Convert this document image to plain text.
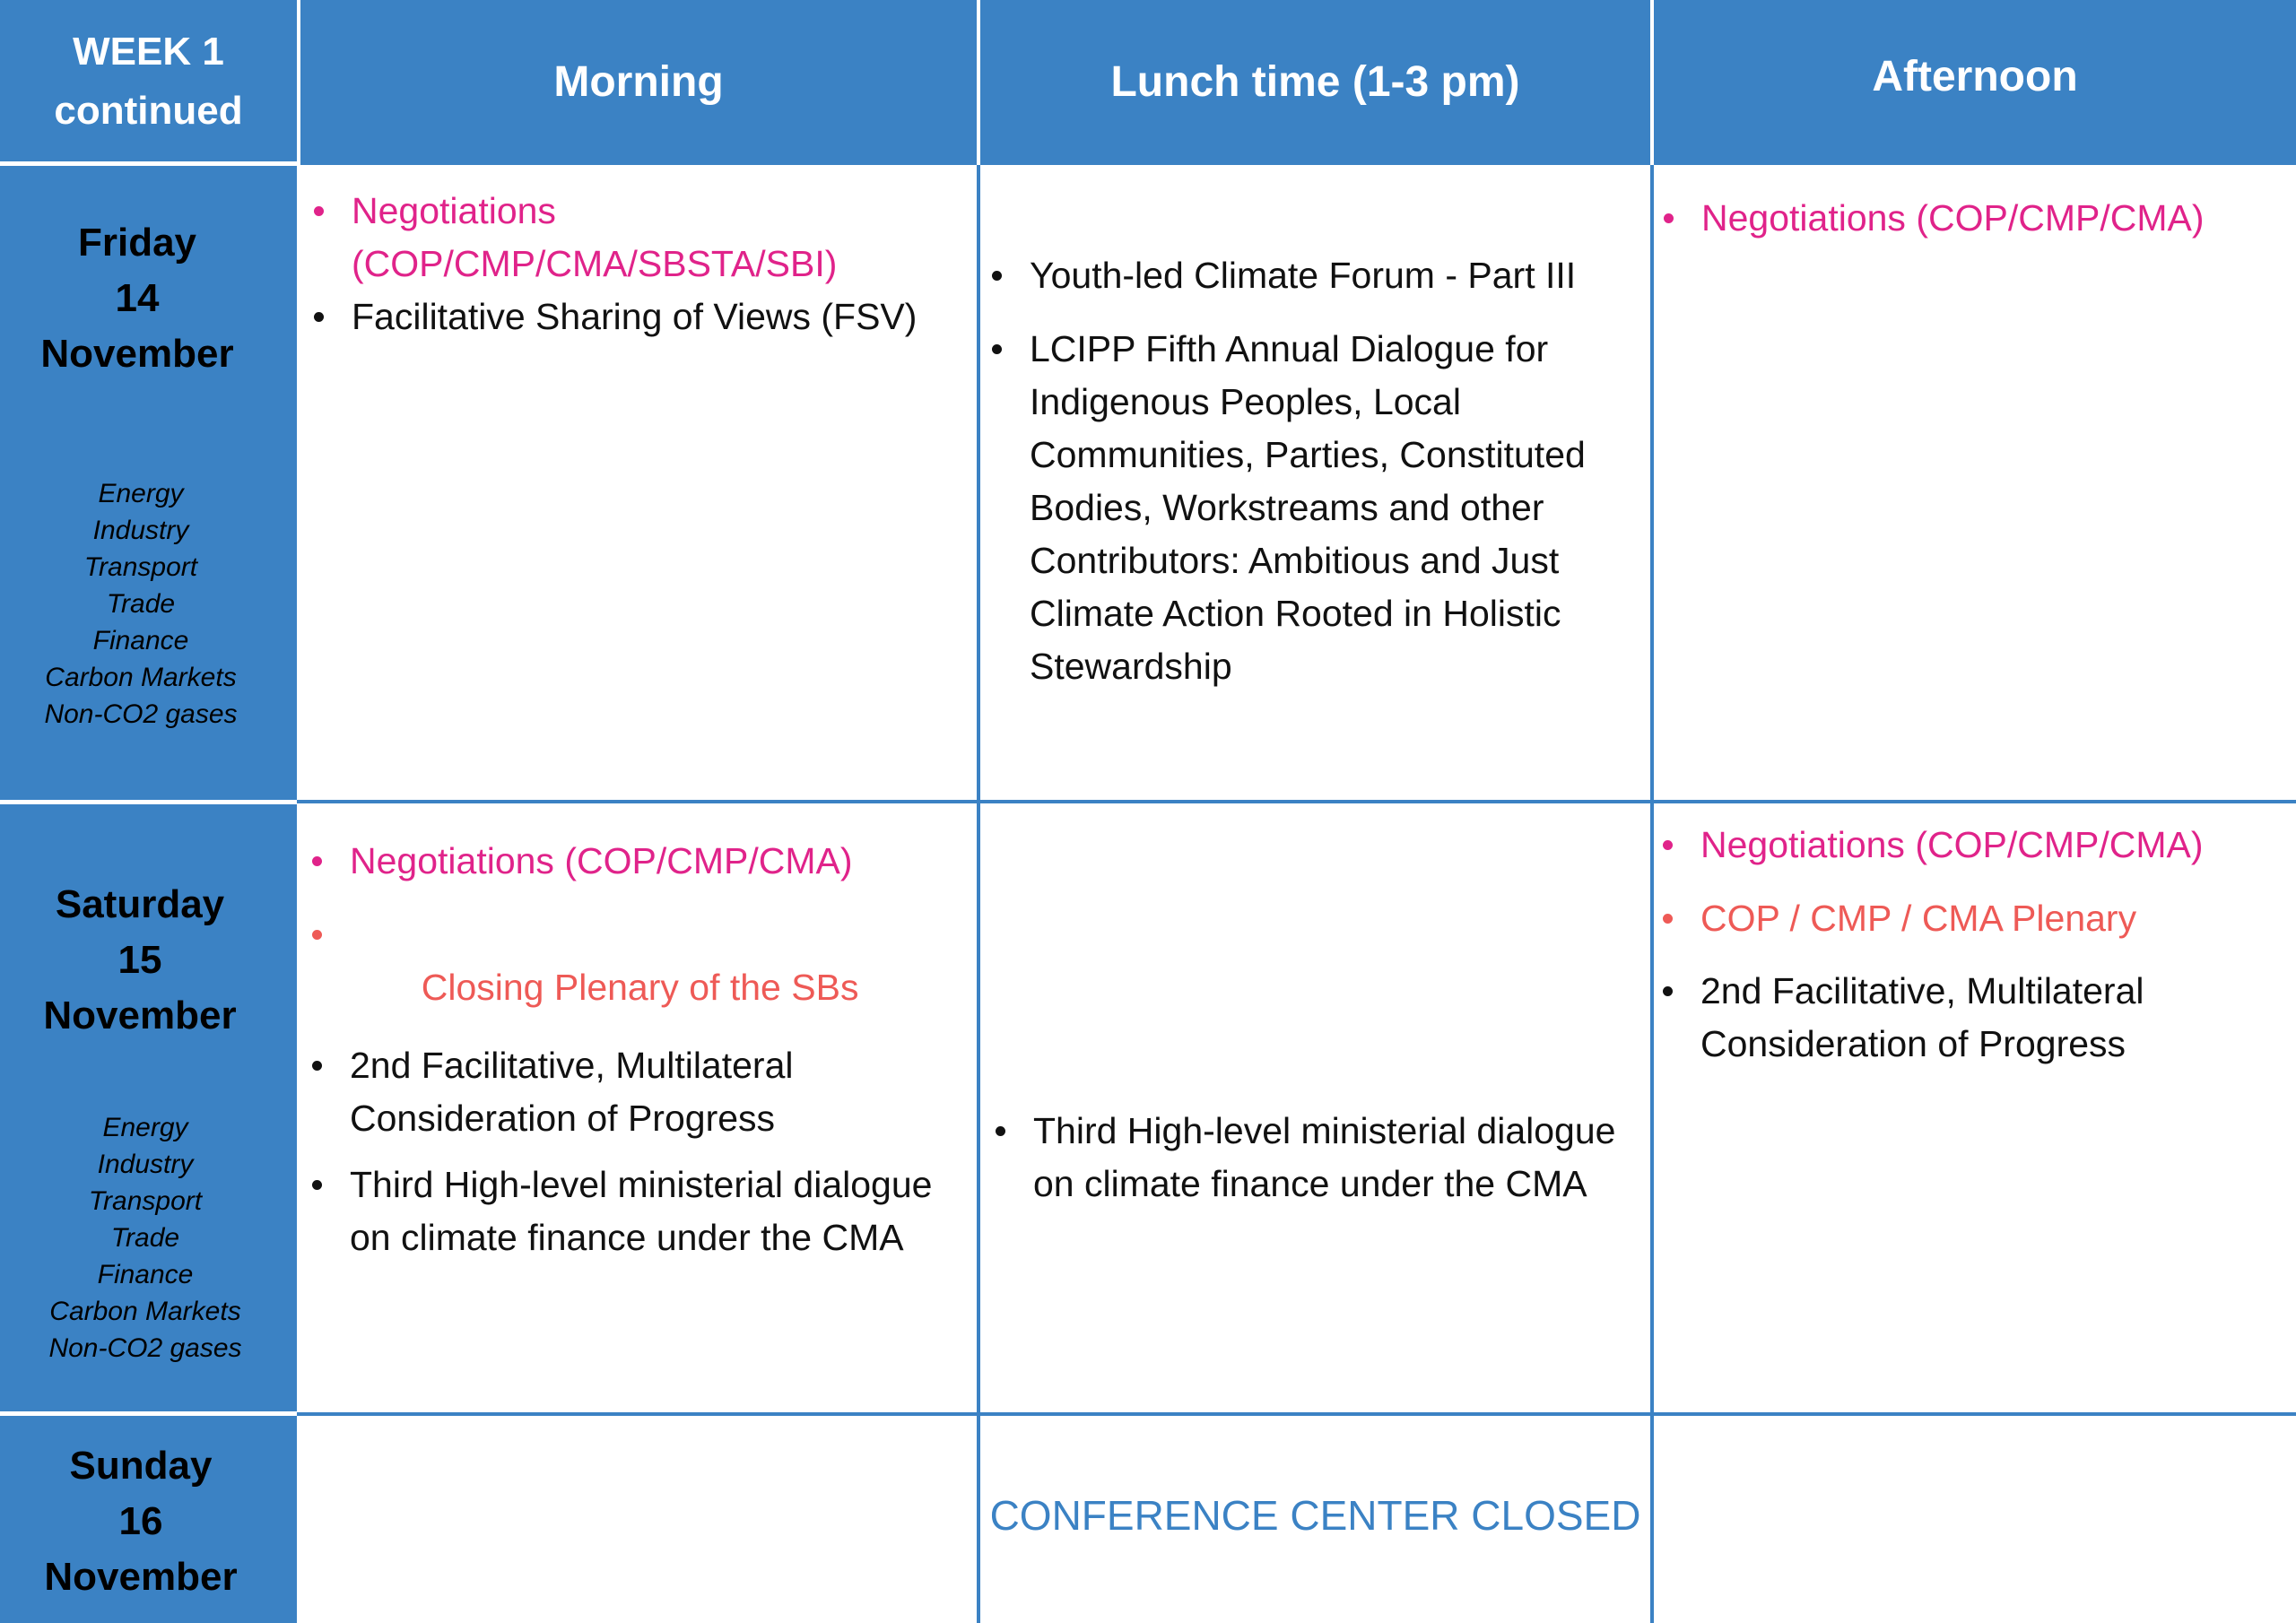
WEEK 1
continued
Morning	Lunch time (1-3 pm)	Afternoon
Friday
14
November
Energy
Industry
Transport
Trade
Finance
Carbon Markets
Non-CO2 gases
Negotiations (COP/CMP/CMA/SBSTA/SBI)
Facilitative Sharing of Views (FSV)
Youth-led Climate Forum - Part III
LCIPP Fifth Annual Dialogue for Indigenous Peoples, Local Communities, Parties, Constituted Bodies, Workstreams and other Contributors: Ambitious and Just Climate Action Rooted in Holistic Stewardship
Negotiations (COP/CMP/CMA)
Saturday
15
November
Energy
Industry
Transport
Trade
Finance
Carbon Markets
Non-CO2 gases
Negotiations (COP/CMP/CMA)

Closing Plenary of the SBs
2nd Facilitative, Multilateral Consideration of Progress
Third High-level ministerial dialogue on climate finance under the CMA
Third High-level ministerial dialogue on climate finance under the CMA
Negotiations (COP/CMP/CMA)
COP / CMP / CMA Plenary
2nd Facilitative, Multilateral Consideration of Progress
Sunday
16
November
CONFERENCE CENTER CLOSED
